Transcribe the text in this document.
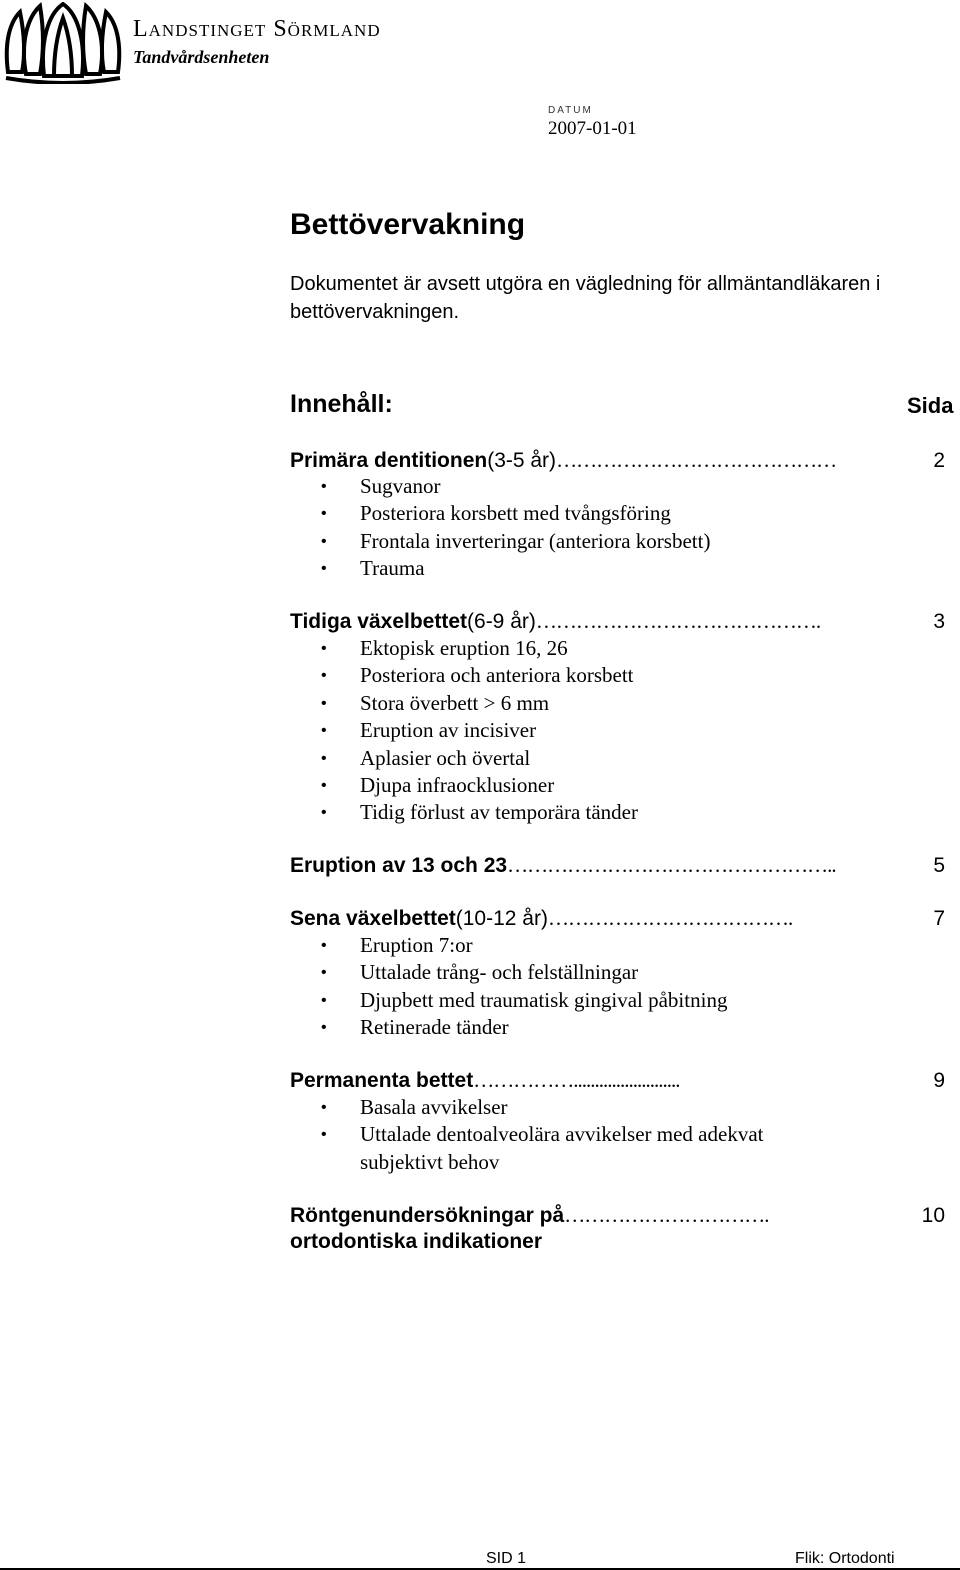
Landstinget Sörmland
Tandvårdsenheten
DATUM
2007-01-01
Bettövervakning

Dokumentet är avsett utgöra en vägledning för allmäntandläkaren i bettövervakningen.

Innehåll:	Sida
Primära dentitionen (3-5 år) ……………………………………	2
• Sugvanor
• Posteriora korsbett med tvångsföring
• Frontala inverteringar (anteriora korsbett)
• Trauma
Tidiga växelbettet (6-9 år) …………………………………….	3
• Ektopisk eruption 16, 26
• Posteriora och anteriora korsbett
• Stora överbett > 6 mm
• Eruption av incisiver
• Aplasier och övertal
• Djupa infraocklusioner
• Tidig förlust av temporära tänder
Eruption av 13 och 23 …………………………………………..	5
Sena växelbettet (10-12 år) ……………………………….	7
• Eruption 7:or
• Uttalade trång- och felställningar
• Djupbett med traumatisk gingival påbitning
• Retinerade tänder
Permanenta bettet …………….........................	9
• Basala avvikelser
• Uttalade dentoalveolära avvikelser med adekvat subjektivt behov
Röntgenundersökningar på ………………………….	10
ortodontiska indikationer
SID 1	Flik: Ortodonti
